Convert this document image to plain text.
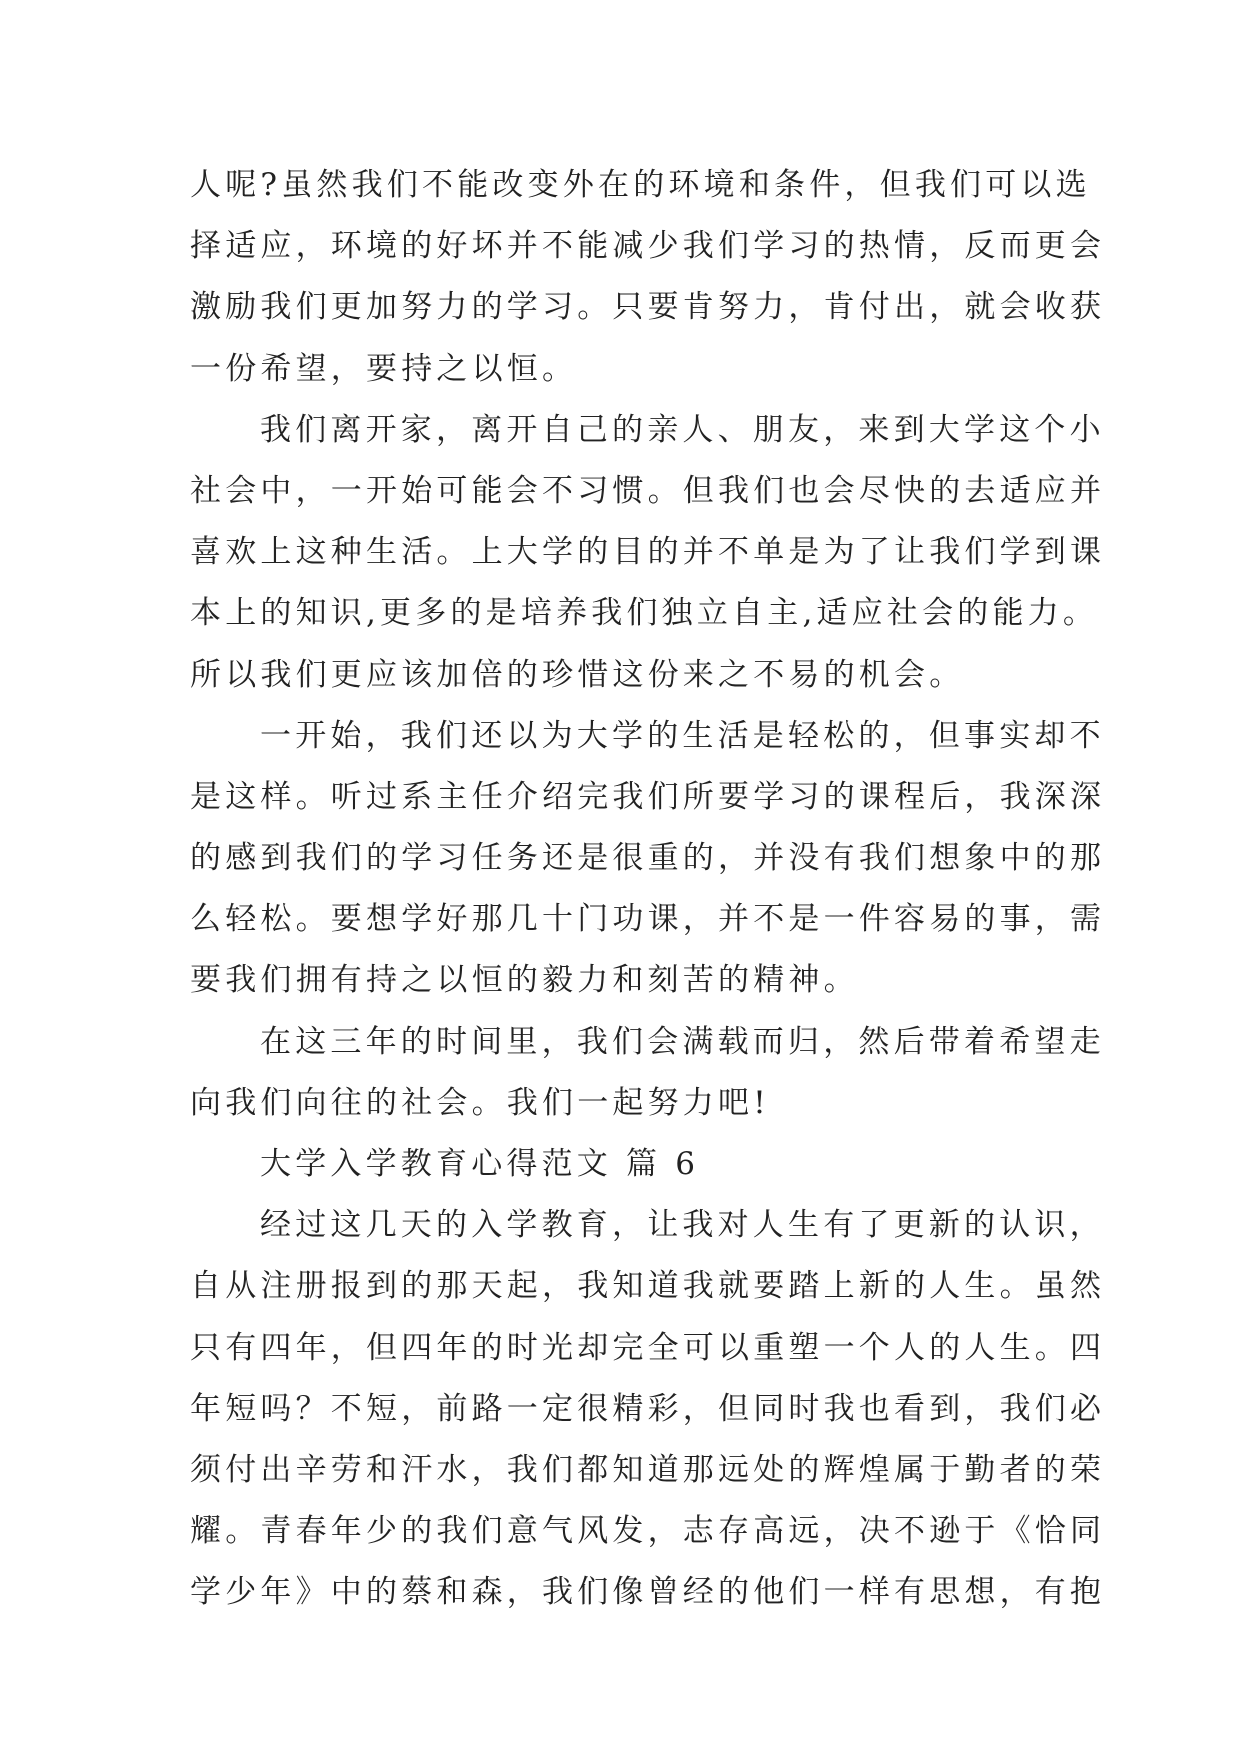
人呢?虽然我们不能改变外在的环境和条件，但我们可以选
择适应，环境的好坏并不能减少我们学习的热情，反而更会
激励我们更加努力的学习。只要肯努力，肯付出，就会收获
一份希望，要持之以恒。
我们离开家，离开自己的亲人、朋友，来到大学这个小
社会中，一开始可能会不习惯。但我们也会尽快的去适应并
喜欢上这种生活。上大学的目的并不单是为了让我们学到课
本上的知识,更多的是培养我们独立自主,适应社会的能力。
所以我们更应该加倍的珍惜这份来之不易的机会。
一开始，我们还以为大学的生活是轻松的，但事实却不
是这样。听过系主任介绍完我们所要学习的课程后，我深深
的感到我们的学习任务还是很重的，并没有我们想象中的那
么轻松。要想学好那几十门功课，并不是一件容易的事，需
要我们拥有持之以恒的毅力和刻苦的精神。
在这三年的时间里，我们会满载而归，然后带着希望走
向我们向往的社会。我们一起努力吧!
大学入学教育心得范文 篇 6
经过这几天的入学教育，让我对人生有了更新的认识，
自从注册报到的那天起，我知道我就要踏上新的人生。虽然
只有四年，但四年的时光却完全可以重塑一个人的人生。四
年短吗？不短，前路一定很精彩，但同时我也看到，我们必
须付出辛劳和汗水，我们都知道那远处的辉煌属于勤者的荣
耀。青春年少的我们意气风发，志存高远，决不逊于《恰同
学少年》中的蔡和森，我们像曾经的他们一样有思想，有抱
